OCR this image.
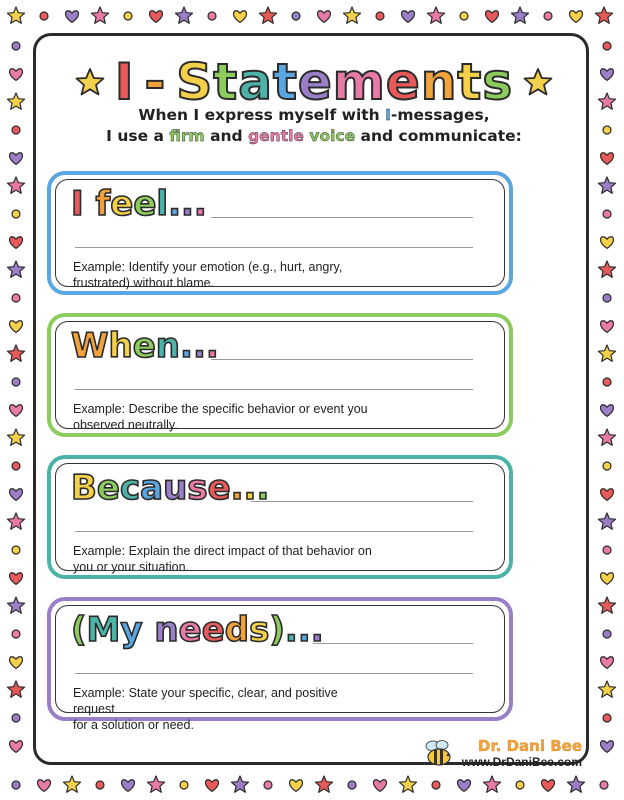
I - Statements
When I express myself with I-messages,
I use a firm and gentle voice and communicate:
I feel...
Example: Identify your emotion (e.g., hurt, angry,
frustrated) without blame.
When...
Example: Describe the specific behavior or event you
observed neutrally.
Because...
Example: Explain the direct impact of that behavior on
you or your situation.
(My needs)...
Example: State your specific, clear, and positive request
for a solution or need.
Dr. Dani Bee
www.DrDaniBee.com
